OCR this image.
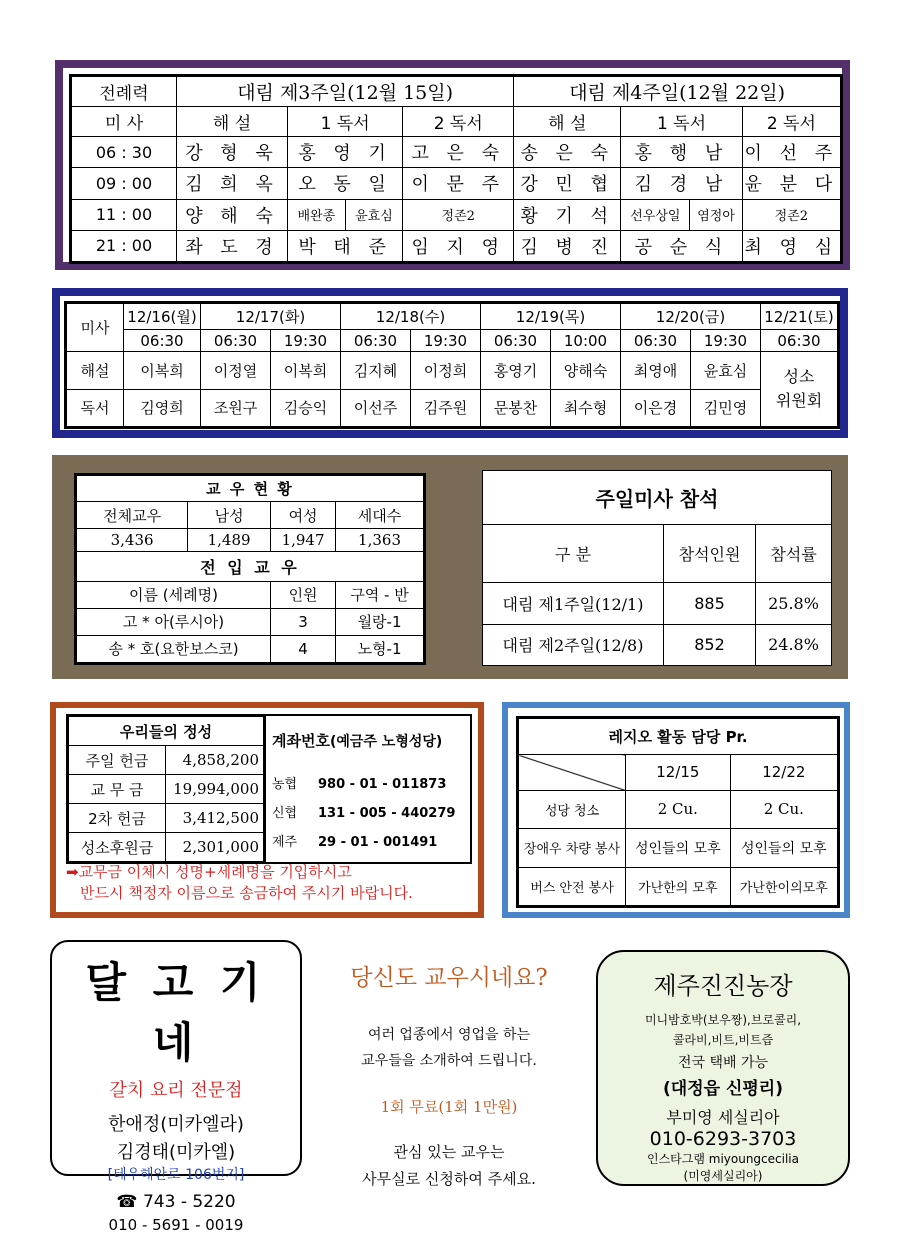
전례력	대림 제3주일(12월 15일)				대림 제4주일(12월 22일)			
미 사	해 설	1 독서		2 독서	해 설	1 독서		2 독서
06 : 30	강 형 욱	홍 영 기		고 은 숙	송 은 숙	홍 행 남		이 선 주
09 : 00	김 희 옥	오 동 일		이 문 주	강 민 협	김 경 남		윤 분 다
11 : 00	양 해 숙	배완종	윤효심	정존2	황 기 석	선우상일	염정아	정존2
21 : 00	좌 도 경	박 태 준		임 지 영	김 병 진	공 순 식		최 영 심
미사	12/16(월)	12/17(화)		12/18(수)		12/19(목)		12/20(금)		12/21(토)
	06:30	06:30	19:30	06:30	19:30	06:30	10:00	06:30	19:30	06:30
해설	이복희	이정열	이복희	김지혜	이정희	홍영기	양해숙	최영애	윤효심	성소
위원회
독서	김영희	조원구	김승익	이선주	김주원	문봉찬	최수형	이은경	김민영	
교 우 현 황			
전체교우	남성	여성	세대수
3,436	1,489	1,947	1,363
전 입 교 우			
이름 (세례명)		인원	구역 - 반
고 * 아(루시아)		3	월랑-1
송 * 호(요한보스코)		4	노형-1
주일미사 참석		
구 분	참석인원	참석률
대림 제1주일(12/1)	885	25.8%
대림 제2주일(12/8)	852	24.8%
우리들의 정성	
주일 헌금	4,858,200
교 무 금	19,994,000
2차 헌금	3,412,500
성소후원금	2,301,000
계좌번호(예금주 노형성당)
농협 980 - 01 - 011873
신협 131 - 005 - 440279
제주 29 - 01 - 001491
➡교무금 이체시 성명+세례명을 기입하시고
반드시 책정자 이름으로 송금하여 주시기 바랍니다.
레지오 활동 담당 Pr.		
	12/15	12/22
성당 청소	2 Cu.	2 Cu.
장애우 차량 봉사	성인들의 모후	성인들의 모후
버스 안전 봉사	가난한의 모후	가난한이의모후
달 고 기 네
갈치 요리 전문점
한애정(미카엘라)
김경태(미카엘)
[테우해안로 106번지]
☎ 743 - 5220
010 - 5691 - 0019
당신도 교우시네요?
여러 업종에서 영업을 하는
교우들을 소개하여 드립니다.
1회 무료(1회 1만원)
관심 있는 교우는
사무실로 신청하여 주세요.
제주진진농장
미니밤호박(보우짱),브로콜리,
콜라비,비트,비트즙
전국 택배 가능
(대정읍 신평리)
부미영 세실리아
010-6293-3703
인스타그램 miyoungcecilia
(미영세실리아)
